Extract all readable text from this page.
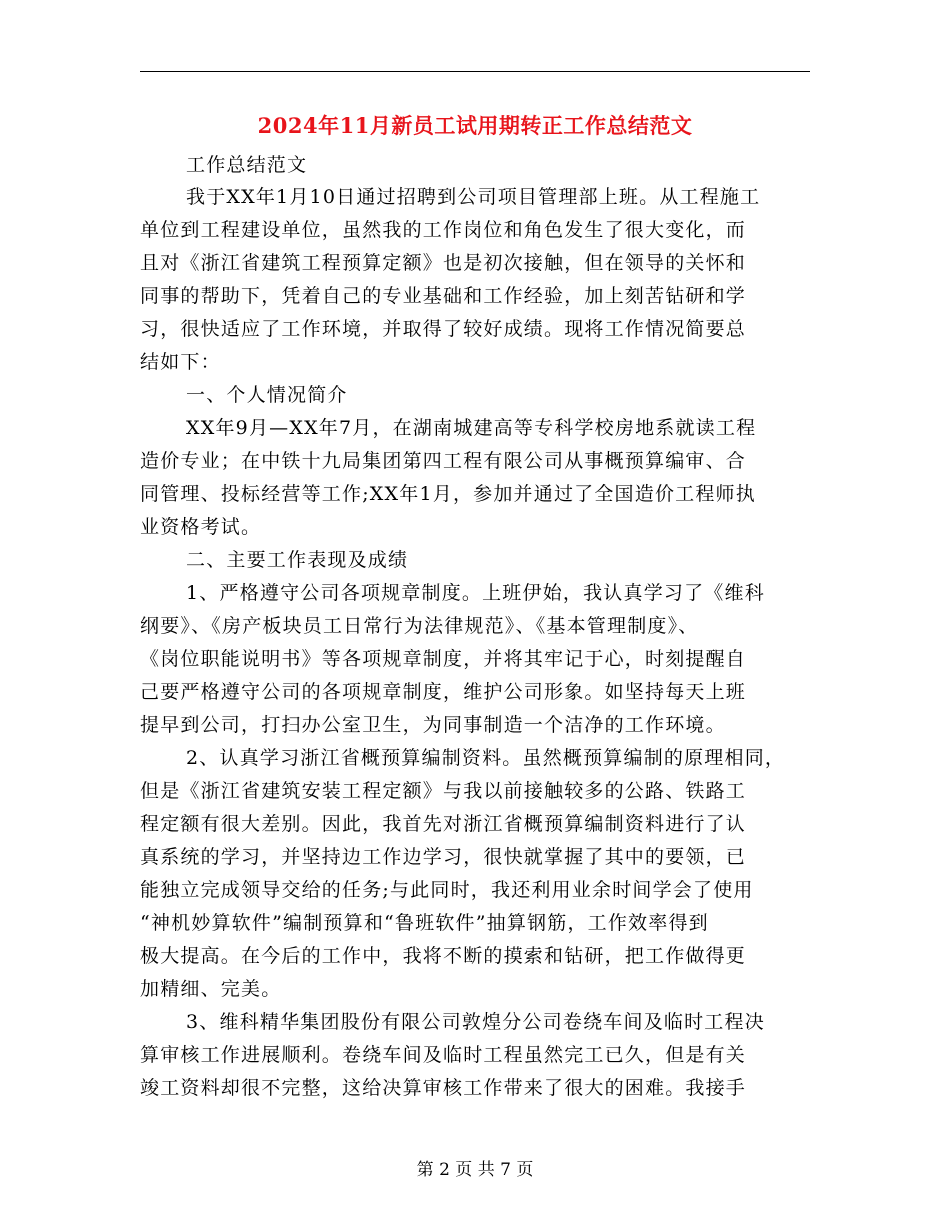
2024年11月新员工试用期转正工作总结范文
工作总结范文
我于XX年1月10日通过招聘到公司项目管理部上班。从工程施工
单位到工程建设单位，虽然我的工作岗位和角色发生了很大变化，而
且对《浙江省建筑工程预算定额》也是初次接触，但在领导的关怀和
同事的帮助下，凭着自己的专业基础和工作经验，加上刻苦钻研和学
习，很快适应了工作环境，并取得了较好成绩。现将工作情况简要总
结如下：
一、个人情况简介
XX年9月—XX年7月，在湖南城建高等专科学校房地系就读工程
造价专业；在中铁十九局集团第四工程有限公司从事概预算编审、合
同管理、投标经营等工作;XX年1月，参加并通过了全国造价工程师执
业资格考试。
二、主要工作表现及成绩
1、严格遵守公司各项规章制度。上班伊始，我认真学习了《维科
纲要》、《房产板块员工日常行为法律规范》、《基本管理制度》、
《岗位职能说明书》等各项规章制度，并将其牢记于心，时刻提醒自
己要严格遵守公司的各项规章制度，维护公司形象。如坚持每天上班
提早到公司，打扫办公室卫生，为同事制造一个洁净的工作环境。
2、认真学习浙江省概预算编制资料。虽然概预算编制的原理相同，
但是《浙江省建筑安装工程定额》与我以前接触较多的公路、铁路工
程定额有很大差别。因此，我首先对浙江省概预算编制资料进行了认
真系统的学习，并坚持边工作边学习，很快就掌握了其中的要领，已
能独立完成领导交给的任务;与此同时，我还利用业余时间学会了使用
“神机妙算软件”编制预算和“鲁班软件”抽算钢筋，工作效率得到
极大提高。在今后的工作中，我将不断的摸索和钻研，把工作做得更
加精细、完美。
3、维科精华集团股份有限公司敦煌分公司卷绕车间及临时工程决
算审核工作进展顺利。卷绕车间及临时工程虽然完工已久，但是有关
竣工资料却很不完整，这给决算审核工作带来了很大的困难。我接手
第 2 页 共 7 页
